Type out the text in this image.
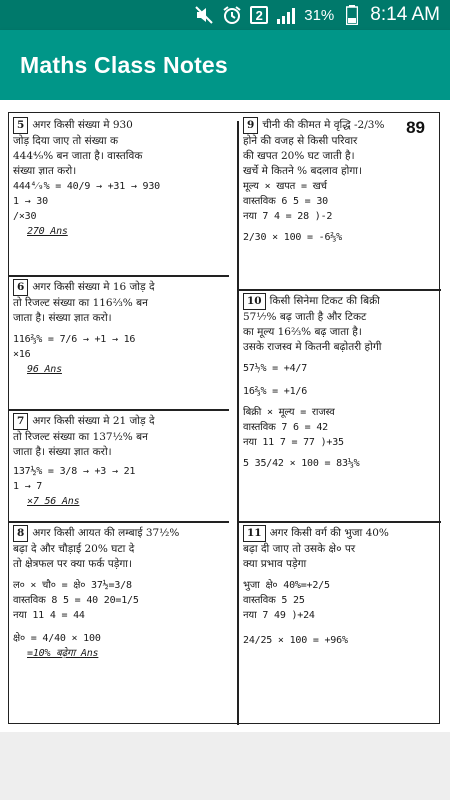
2	31% 8:14 AM
Maths Class Notes
89
5 अगर किसी संख्या मे 930
जोड़ दिया जाए तो संख्या क
444⁴⁄₉% बन जाता है। वास्तविक
संख्या ज्ञात करो।
444⁴⁄₉% = 40/9 → +31 → 930
1 → 30
/×30
270 Ans
6 अगर किसी संख्या मे 16 जोड़ दे
तो रिजल्ट संख्या का 116⅔% बन
जाता है। संख्या ज्ञात करो।
116⅔% = 7/6 → +1 → 16
×16
96 Ans
7 अगर किसी संख्या मे 21 जोड़ दे
तो रिजल्ट संख्या का 137½% बन
जाता है। संख्या ज्ञात करो।
137½% = 3/8 → +3 → 21
1 → 7
×7 56 Ans
8 अगर किसी आयत की लम्बाई 37½%
बढ़ा दे और चौड़ाई 20% घटा दे
तो क्षेत्रफल पर क्या फर्क पड़ेगा।
ल० × चौ० = क्षे० 37½=3/8
वास्तविक 8 5 = 40 20=1/5
नया 11 4 = 44
क्षे० = 4/40 × 100
=10% बढ़ेगा Ans
9 चीनी की कीमत मे वृद्धि -2/3%
होने की वजह से किसी परिवार
की खपत 20% घट जाती है।
खर्चे मे कितने % बदलाव होगा।
मूल्य × खपत = खर्च
वास्तविक 6 5 = 30
नया 7 4 = 28 )-2
2/30 × 100 = -6⅔%
10 किसी सिनेमा टिकट की बिक्री
57⅐% बढ़ जाती है और टिकट
का मूल्य 16⅔% बढ़ जाता है।
उसके राजस्व मे कितनी बढ़ोतरी होगी
57⅐% = +4/7
16⅔% = +1/6
बिक्री × मूल्य = राजस्व
वास्तविक 7 6 = 42
नया 11 7 = 77 )+35
5 35/42 × 100 = 83⅓%
11 अगर किसी वर्ग की भुजा 40%
बढ़ा दी जाए तो उसके क्षे० पर
क्या प्रभाव पड़ेगा
भुजा क्षे० 40%=+2/5
वास्तविक 5 25
नया 7 49 )+24
24/25 × 100 = +96%
